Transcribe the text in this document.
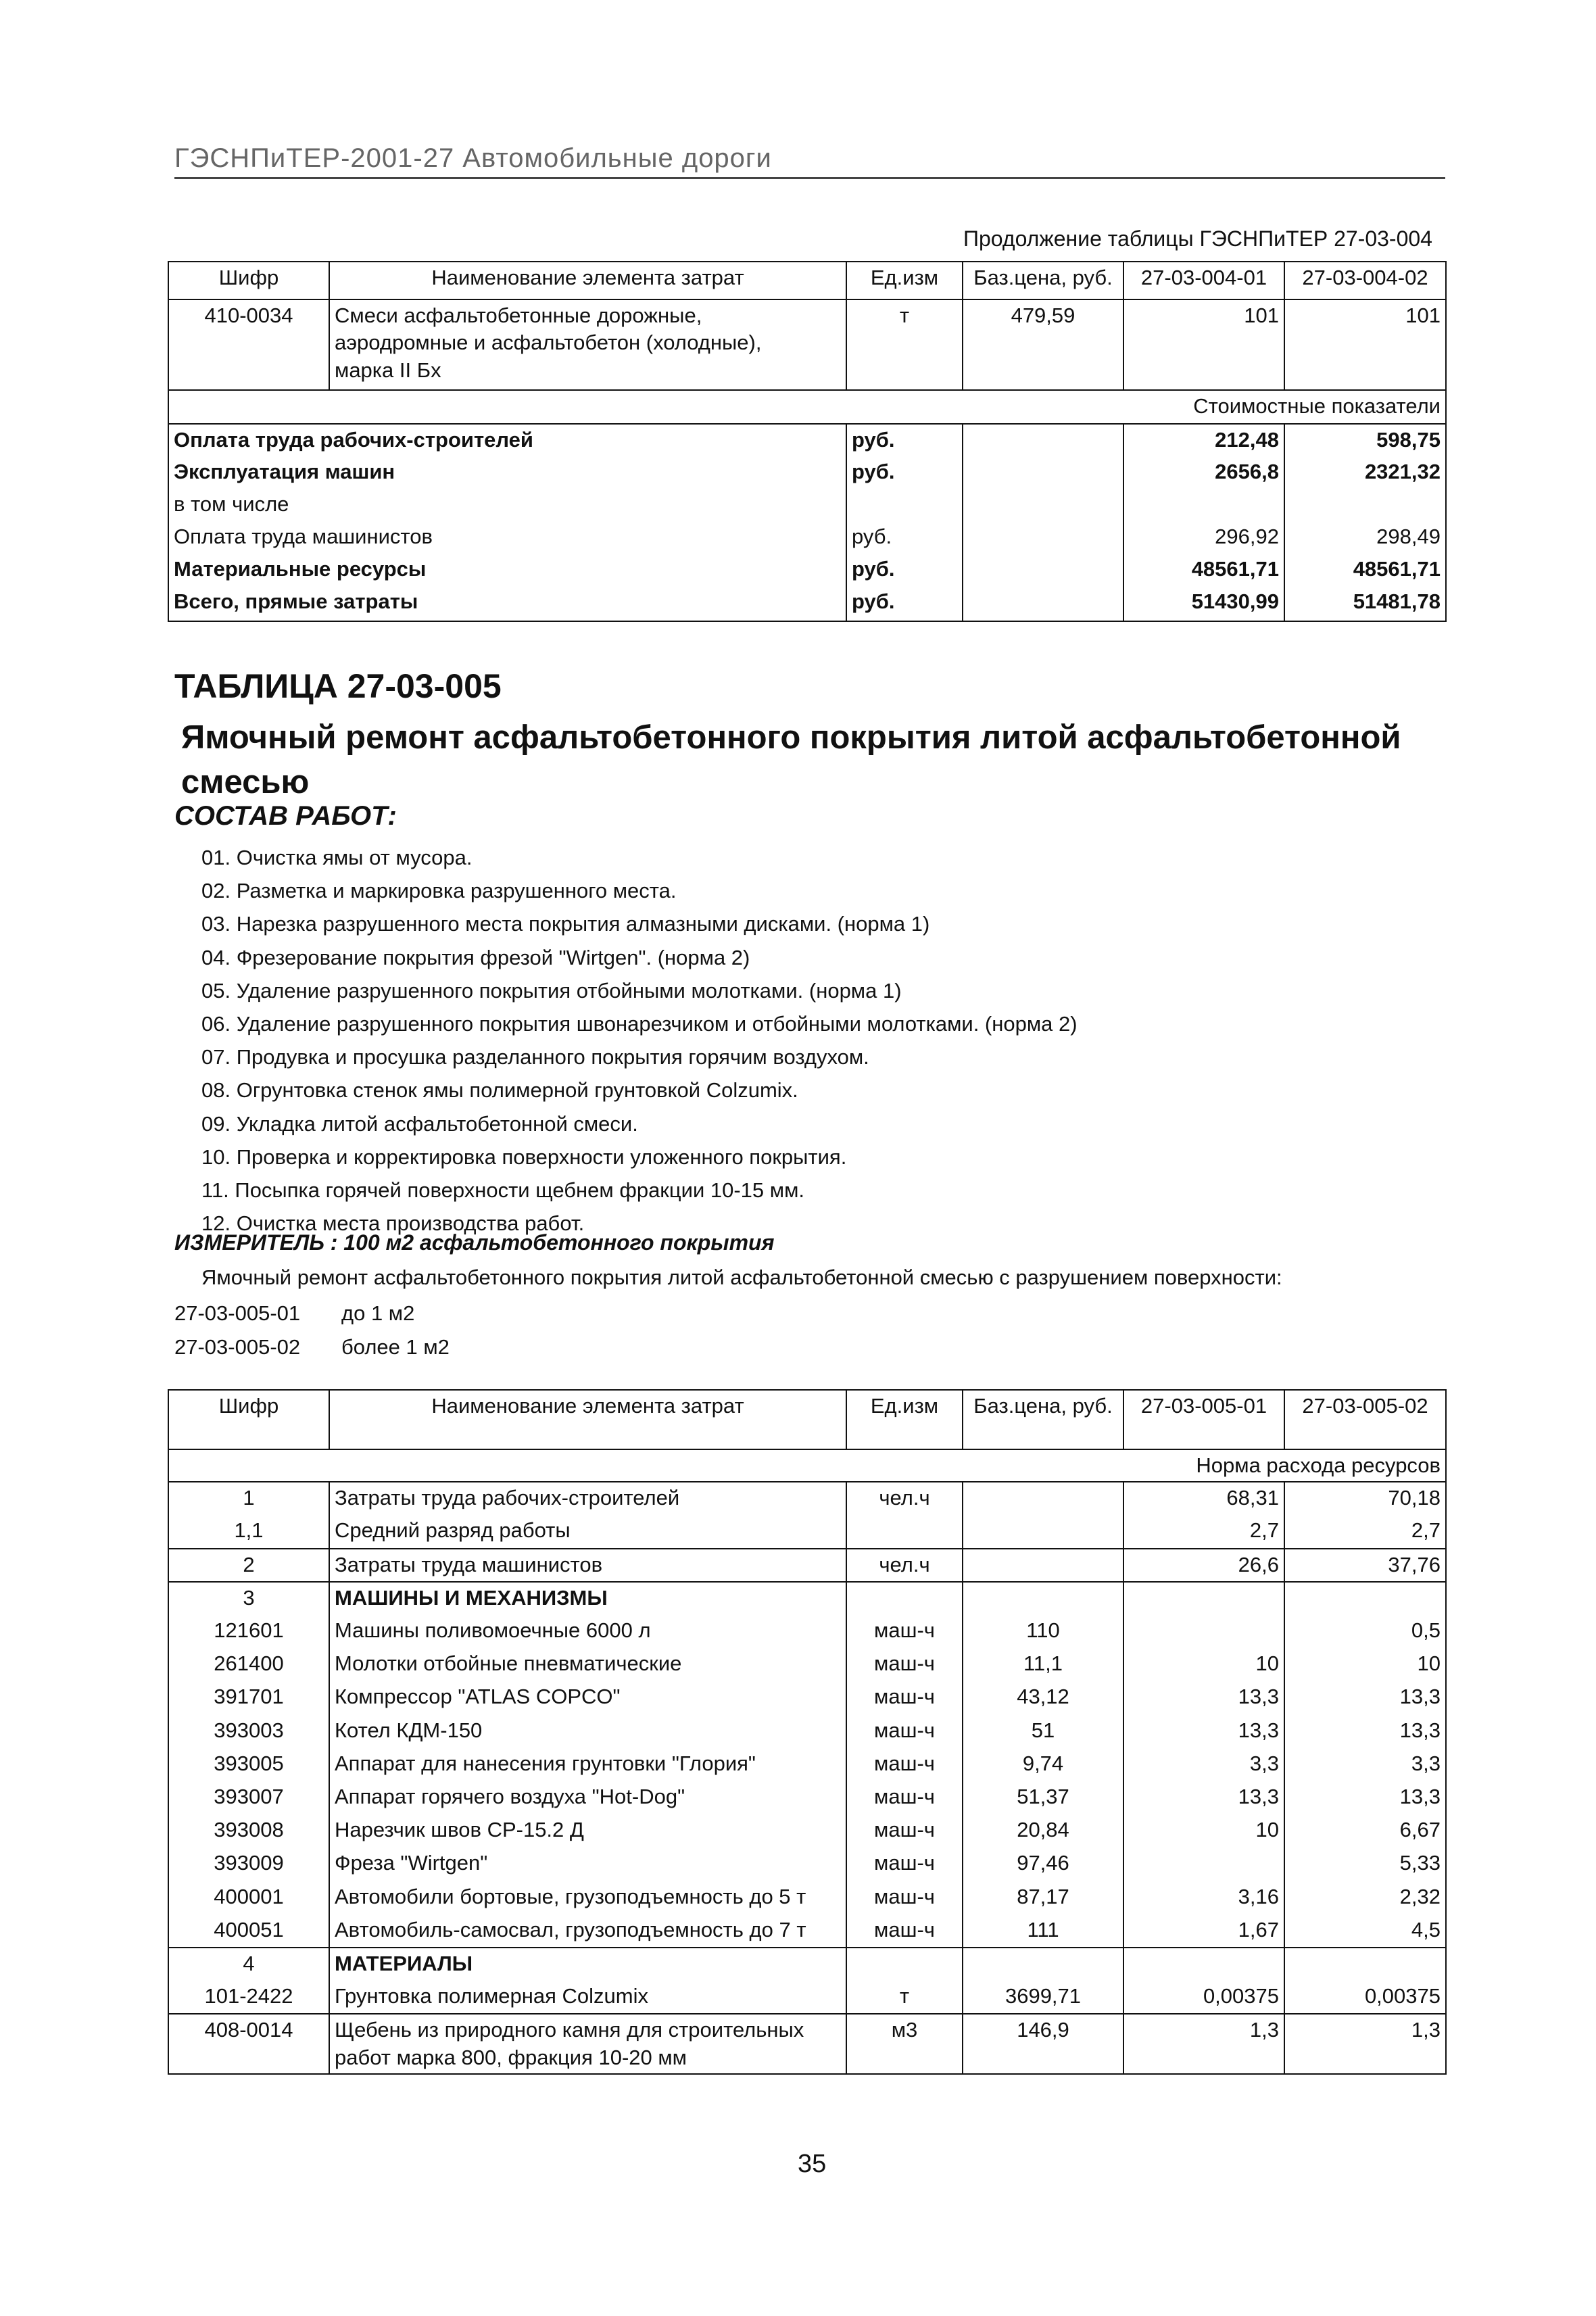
ГЭСНПиТЕР-2001-27 Автомобильные дороги
Продолжение таблицы ГЭСНПиТЕР 27-03-004
Шифр	Наименование элемента затрат	Ед.изм	Баз.цена, руб.	27-03-004-01	27-03-004-02
410-0034	Смеси асфальтобетонные дорожные,
аэродромные и асфальтобетон (холодные),
марка II Бх	т	479,59	101	101
Стоимостные показатели					
Оплата труда рабочих-строителей		руб.		212,48	598,75
Эксплуатация машин		руб.		2656,8	2321,32
в том числе					
Оплата труда машинистов		руб.		296,92	298,49
Материальные ресурсы		руб.		48561,71	48561,71
Всего, прямые затраты		руб.		51430,99	51481,78
ТАБЛИЦА 27-03-005
Ямочный ремонт асфальтобетонного покрытия литой асфальтобетонной смесью
СОСТАВ РАБОТ:
01. Очистка ямы от мусора.
02. Разметка и маркировка разрушенного места.
03. Нарезка разрушенного места покрытия алмазными дисками. (норма 1)
04. Фрезерование покрытия фрезой "Wirtgen". (норма 2)
05. Удаление разрушенного покрытия отбойными молотками. (норма 1)
06. Удаление разрушенного покрытия швонарезчиком и отбойными молотками. (норма 2)
07. Продувка и просушка разделанного покрытия горячим воздухом.
08. Огрунтовка стенок ямы полимерной грунтовкой Colzumix.
09. Укладка литой асфальтобетонной смеси.
10. Проверка и корректировка поверхности уложенного покрытия.
11. Посыпка горячей поверхности щебнем фракции 10-15 мм.
12. Очистка места производства работ.
ИЗМЕРИТЕЛЬ : 100 м2 асфальтобетонного покрытия
Ямочный ремонт асфальтобетонного покрытия литой асфальтобетонной смесью с разрушением поверхности:
27-03-005-01 до 1 м2
27-03-005-02 более 1 м2
Шифр	Наименование элемента затрат	Ед.изм	Баз.цена, руб.	27-03-005-01	27-03-005-02
Норма расхода ресурсов					
1	Затраты труда рабочих-строителей	чел.ч		68,31	70,18
1,1	Средний разряд работы			2,7	2,7
2	Затраты труда машинистов	чел.ч		26,6	37,76
3	МАШИНЫ И МЕХАНИЗМЫ				
121601	Машины поливомоечные 6000 л	маш-ч	110		0,5
261400	Молотки отбойные пневматические	маш-ч	11,1	10	10
391701	Компрессор "ATLAS COPCO"	маш-ч	43,12	13,3	13,3
393003	Котел КДМ-150	маш-ч	51	13,3	13,3
393005	Аппарат для нанесения грунтовки "Глория"	маш-ч	9,74	3,3	3,3
393007	Аппарат горячего воздуха "Hot-Dog"	маш-ч	51,37	13,3	13,3
393008	Нарезчик швов СР-15.2 Д	маш-ч	20,84	10	6,67
393009	Фреза "Wirtgen"	маш-ч	97,46		5,33
400001	Автомобили бортовые, грузоподъемность до 5 т	маш-ч	87,17	3,16	2,32
400051	Автомобиль-самосвал, грузоподъемность до 7 т	маш-ч	111	1,67	4,5
4	МАТЕРИАЛЫ				
101-2422	Грунтовка полимерная Colzumix	т	3699,71	0,00375	0,00375
408-0014	Щебень из природного камня для строительных
работ марка 800, фракция 10-20 мм	м3	146,9	1,3	1,3
35
